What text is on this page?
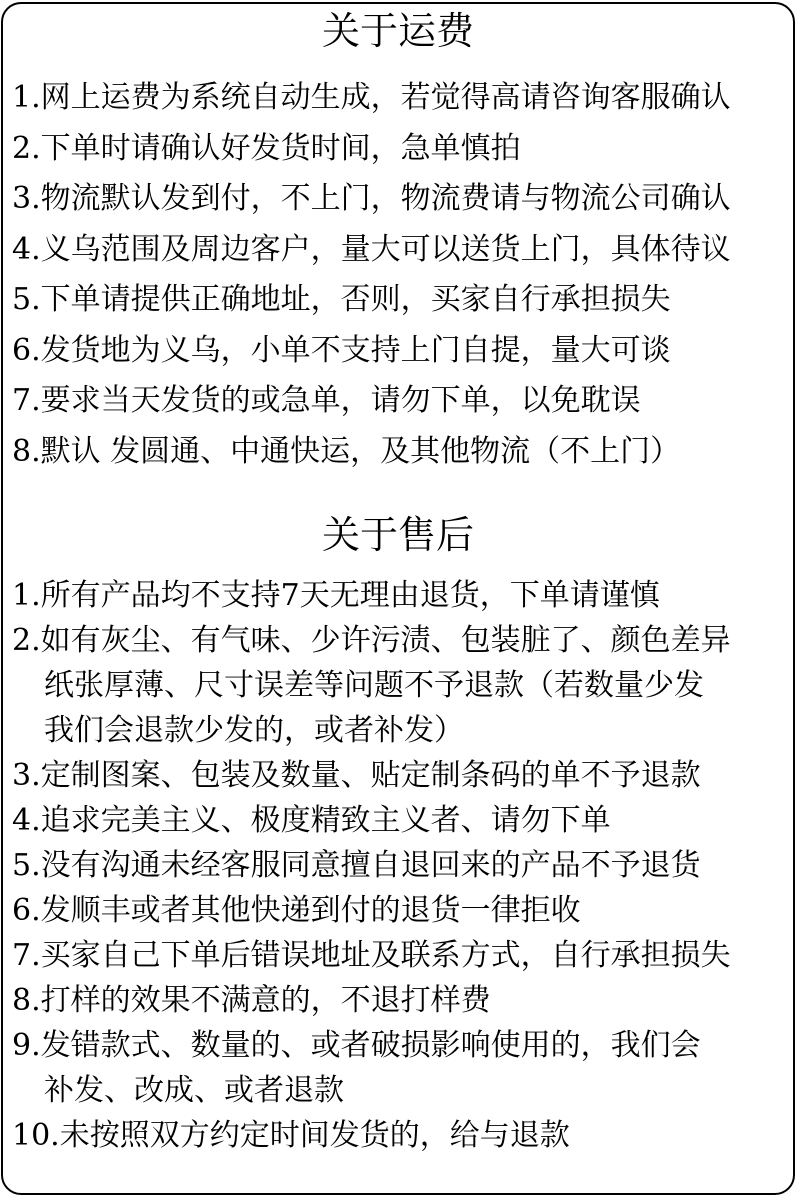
关于运费
1.网上运费为系统自动生成，若觉得高请咨询客服确认
2.下单时请确认好发货时间，急单慎拍
3.物流默认发到付，不上门，物流费请与物流公司确认
4.义乌范围及周边客户，量大可以送货上门，具体待议
5.下单请提供正确地址，否则，买家自行承担损失
6.发货地为义乌，小单不支持上门自提，量大可谈
7.要求当天发货的或急单，请勿下单，以免耽误
8.默认 发圆通、中通快运，及其他物流（不上门）
关于售后
1.所有产品均不支持7天无理由退货，下单请谨慎
2.如有灰尘、有气味、少许污渍、包装脏了、颜色差异
纸张厚薄、尺寸误差等问题不予退款（若数量少发
我们会退款少发的，或者补发）
3.定制图案、包装及数量、贴定制条码的单不予退款
4.追求完美主义、极度精致主义者、请勿下单
5.没有沟通未经客服同意擅自退回来的产品不予退货
6.发顺丰或者其他快递到付的退货一律拒收
7.买家自己下单后错误地址及联系方式，自行承担损失
8.打样的效果不满意的，不退打样费
9.发错款式、数量的、或者破损影响使用的，我们会
补发、改成、或者退款
10.未按照双方约定时间发货的，给与退款
